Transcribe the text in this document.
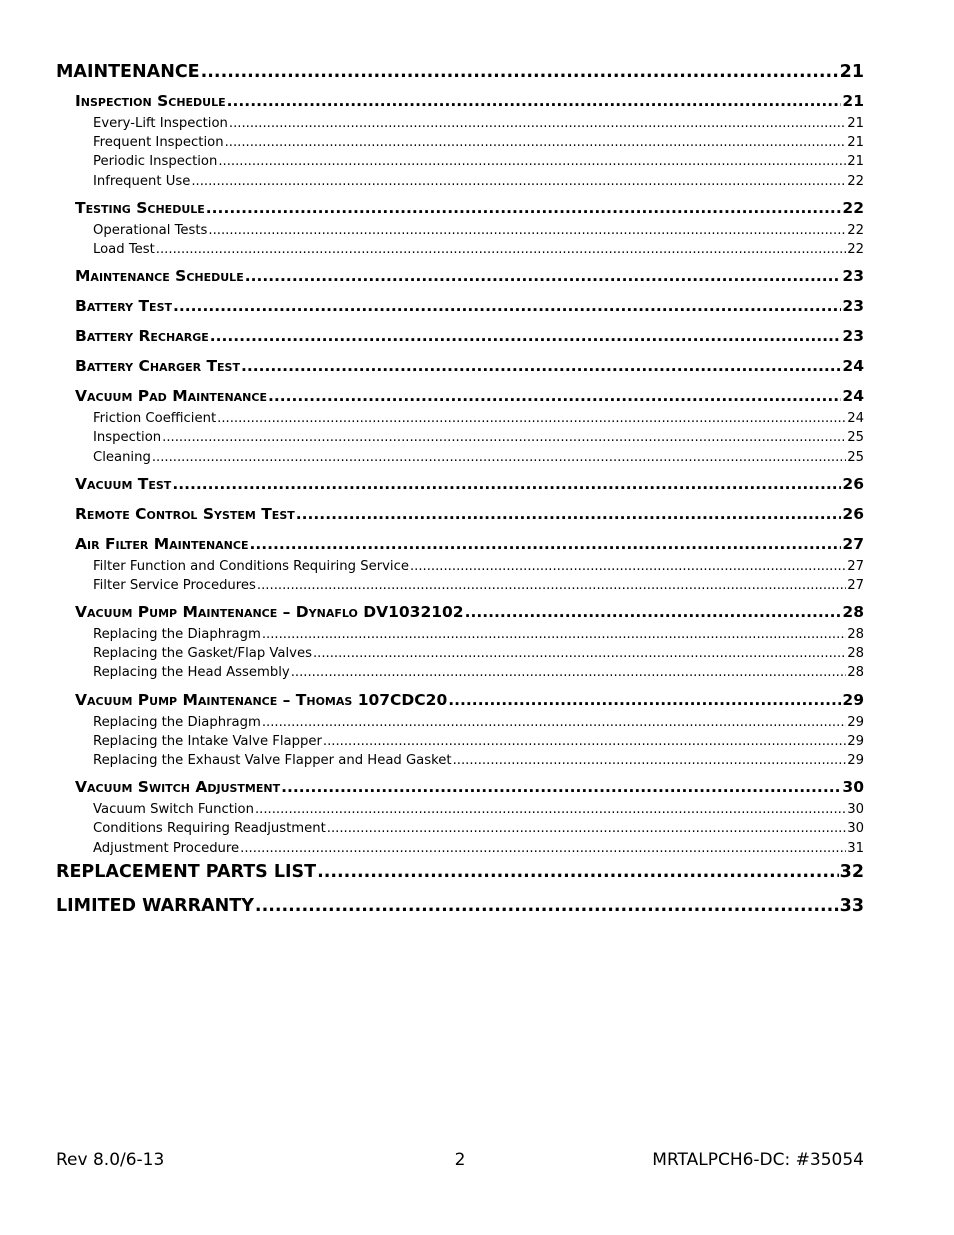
MAINTENANCE .....	21
Inspection Schedule .....	21
Every-Lift Inspection .....	21
Frequent Inspection .....	21
Periodic Inspection .....	21
Infrequent Use .....	22
Testing Schedule .....	22
Operational Tests .....	22
Load Test .....	22
Maintenance Schedule .....	23
Battery Test .....	23
Battery Recharge .....	23
Battery Charger Test .....	24
Vacuum Pad Maintenance .....	24
Friction Coefficient .....	24
Inspection .....	25
Cleaning .....	25
Vacuum Test .....	26
Remote Control System Test .....	26
Air Filter Maintenance .....	27
Filter Function and Conditions Requiring Service .....	27
Filter Service Procedures .....	27
Vacuum Pump Maintenance – Dynaflo DV1032102 .....	28
Replacing the Diaphragm .....	28
Replacing the Gasket/Flap Valves .....	28
Replacing the Head Assembly .....	28
Vacuum Pump Maintenance – Thomas 107CDC20 .....	29
Replacing the Diaphragm .....	29
Replacing the Intake Valve Flapper .....	29
Replacing the Exhaust Valve Flapper and Head Gasket .....	29
Vacuum Switch Adjustment .....	30
Vacuum Switch Function .....	30
Conditions Requiring Readjustment .....	30
Adjustment Procedure .....	31
REPLACEMENT PARTS LIST .....	32
LIMITED WARRANTY .....	33
Rev 8.0/6-13	2	MRTALPCH6-DC: #35054
